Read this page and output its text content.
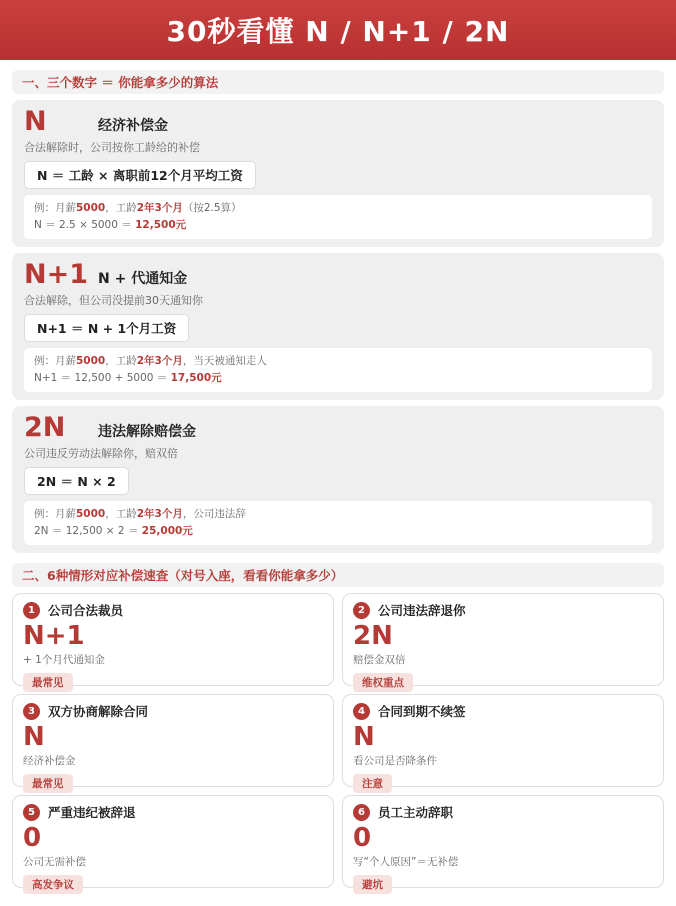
30秒看懂 N / N+1 / 2N
一、三个数字 ＝ 你能拿多少的算法
N	经济补偿金
合法解除时，公司按你工龄给的补偿
N ＝ 工龄 × 离职前12个月平均工资
例：月薪5000，工龄2年3个月（按2.5算）
N ＝ 2.5 × 5000 ＝ 12,500元
N+1 N + 代通知金
合法解除，但公司没提前30天通知你
N+1 ＝ N + 1个月工资
例：月薪5000，工龄2年3个月，当天被通知走人
N+1 ＝ 12,500 + 5000 ＝ 17,500元
2N	违法解除赔偿金
公司违反劳动法解除你，赔双倍
2N ＝ N × 2
例：月薪5000，工龄2年3个月，公司违法辞
2N ＝ 12,500 × 2 ＝ 25,000元
二、6种情形对应补偿速查（对号入座，看看你能拿多少）
1	公司合法裁员
N+1
+ 1个月代通知金
最常见
2	公司违法辞退你
2N
赔偿金双倍
维权重点
3	双方协商解除合同
N
经济补偿金
最常见
4	合同到期不续签
N
看公司是否降条件
注意
5	严重违纪被辞退
0
公司无需补偿
高发争议
6	员工主动辞职
0
写“个人原因”＝无补偿
避坑
